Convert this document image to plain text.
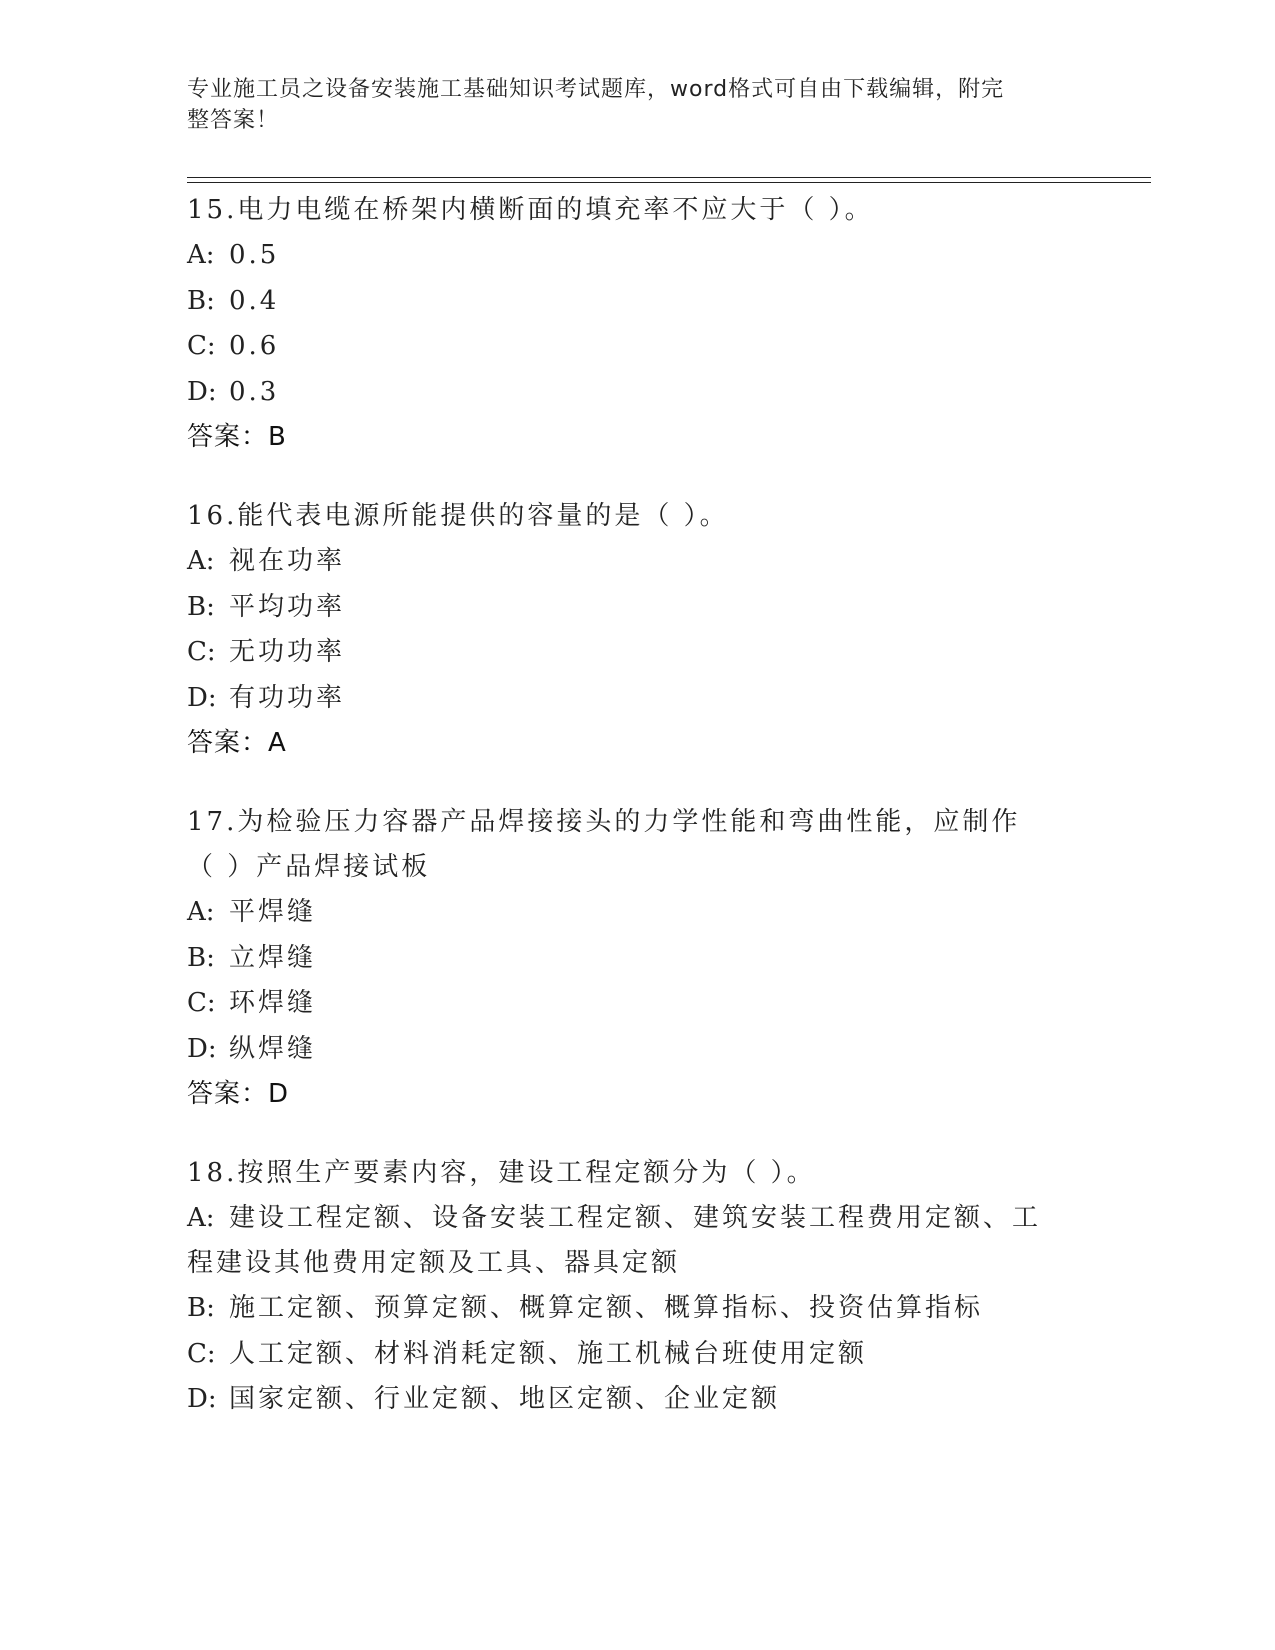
专业施工员之设备安装施工基础知识考试题库，word格式可自由下载编辑，附完
整答案！
15.电力电缆在桥架内横断面的填充率不应大于（ ）。
A: 0.5
B: 0.4
C: 0.6
D: 0.3
答案：B
16.能代表电源所能提供的容量的是（ ）。
A: 视在功率
B: 平均功率
C: 无功功率
D: 有功功率
答案：A
17.为检验压力容器产品焊接接头的力学性能和弯曲性能，应制作（ ）产品焊接试板
A: 平焊缝
B: 立焊缝
C: 环焊缝
D: 纵焊缝
答案：D
18.按照生产要素内容，建设工程定额分为（ ）。
A: 建设工程定额、设备安装工程定额、建筑安装工程费用定额、工程建设其他费用定额及工具、器具定额
B: 施工定额、预算定额、概算定额、概算指标、投资估算指标
C: 人工定额、材料消耗定额、施工机械台班使用定额
D: 国家定额、行业定额、地区定额、企业定额
